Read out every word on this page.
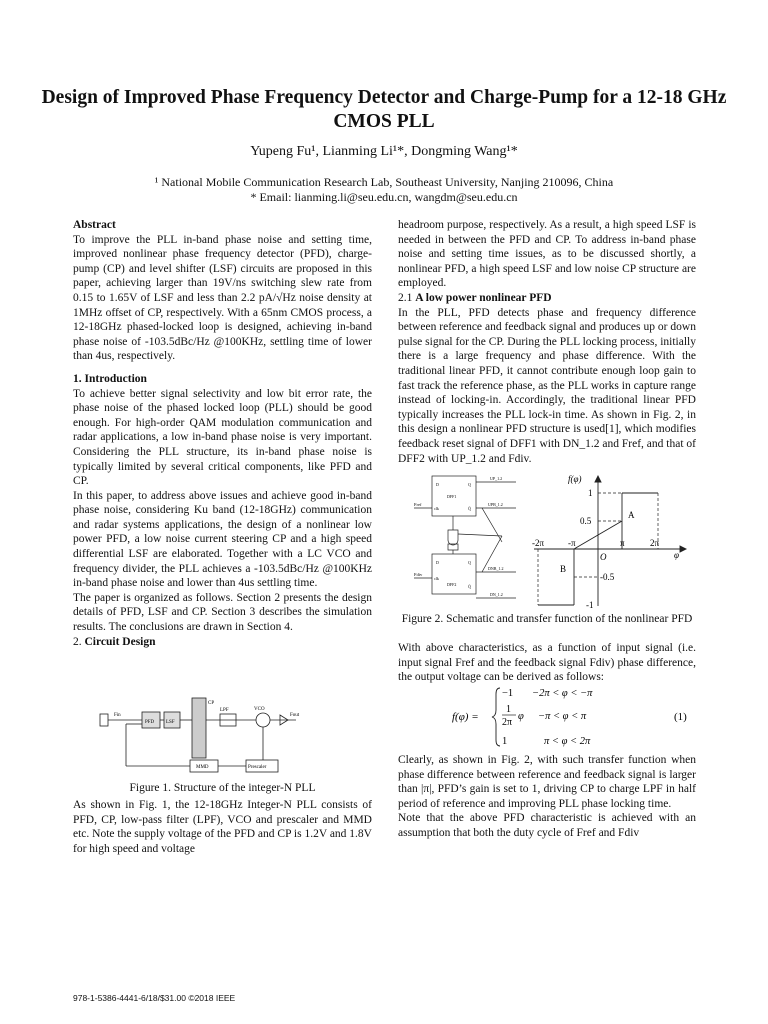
Design of Improved Phase Frequency Detector and Charge-Pump for a 12-18 GHz CMOS PLL
Yupeng Fu¹, Lianming Li¹*, Dongming Wang¹*
¹ National Mobile Communication Research Lab, Southeast University, Nanjing 210096, China
* Email: lianming.li@seu.edu.cn, wangdm@seu.edu.cn

Abstract

To improve the PLL in-band phase noise and setting time, improved nonlinear phase frequency detector (PFD), charge-pump (CP) and level shifter (LSF) circuits are proposed in this paper, achieving larger than 19V/ns switching slew rate from 0.15 to 1.65V of LSF and less than 2.2 pA/√Hz noise density at 1MHz offset of CP, respectively. With a 65nm CMOS process, a 12-18GHz phased-locked loop is designed, achieving in-band phase noise of -103.5dBc/Hz @100KHz, settling time of lower than 4us, respectively.

1. Introduction

To achieve better signal selectivity and low bit error rate, the phase noise of the phased locked loop (PLL) should be good enough. For high-order QAM modulation communication and radar applications, a low in-band phase noise is very important. Considering the PLL structure, its in-band phase noise is typically limited by several critical components, like PFD and CP.

In this paper, to address above issues and achieve good in-band phase noise, considering Ku band (12-18GHz) communication and radar systems applications, the design of a nonlinear low power PFD, a low noise current steering CP and a high speed differential LSF are elaborated. Together with a LC VCO and frequency divider, the PLL achieves a -103.5dBc/Hz @100KHz in-band phase noise and lower than 4us settling time.

The paper is organized as follows. Section 2 presents the design details of PFD, LSF and CP. Section 3 describes the simulation results. The conclusions are drawn in Section 4.

2. Circuit Design

Fin
PFD LSF
CP
LPF	VCO
Fout
MMD	Prescaler
Figure 1. Structure of the integer-N PLL

As shown in Fig. 1, the 12-18GHz Integer-N PLL consists of PFD, CP, low-pass filter (LPF), VCO and prescaler and MMD etc. Note the supply voltage of the PFD and CP is 1.2V and 1.8V for high speed and voltage

headroom purpose, respectively. As a result, a high speed LSF is needed in between the PFD and CP. To address in-band phase noise and setting time issues, as to be discussed shortly, a nonlinear PFD, a high speed LSF and low noise CP structure are employed.

2.1 A low power nonlinear PFD

In the PLL, PFD detects phase and frequency difference between reference and feedback signal and produces up or down pulse signal for the CP. During the PLL locking process, initially there is a large frequency and phase difference. With the traditional linear PFD, it cannot contribute enough loop gain to fast track the reference phase, as the PLL works in capture range instead of locking-in. Accordingly, the traditional linear PFD typically increases the PLL lock-in time. As shown in Fig. 2, in this design a nonlinear PFD structure is used[1], which modifies feedback reset signal of DFF1 with DN_1.2 and Fref, and that of DFF2 with UP_1.2 and Fdiv.

D	Q
DFF1
clk	Q̄
D	Q
DFF2
clk
Q̄
Fref
Fdiv
UP_1.2
UPB_1.2
DNB_1.2
DN_1.2
f(φ)
1
0.5
-0.5
-1
-2π	-π
O
π	2π
φ
A
B
Figure 2. Schematic and transfer function of the nonlinear PFD

With above characteristics, as a function of input signal (i.e. input signal Fref and the feedback signal Fdiv) phase difference, the output voltage can be derived as follows:

f(φ) =
−1 −2π < φ < −π
1
2π
φ −π < φ < π
1	π < φ < 2π
(1)

Clearly, as shown in Fig. 2, with such transfer function when phase difference between reference and feedback signal is larger than |π|, PFD’s gain is set to 1, driving CP to charge LPF in half period of reference and improving PLL phase locking time.

Note that the above PFD characteristic is achieved with an assumption that both the duty cycle of Fref and Fdiv

978-1-5386-4441-6/18/$31.00 ©2018 IEEE
